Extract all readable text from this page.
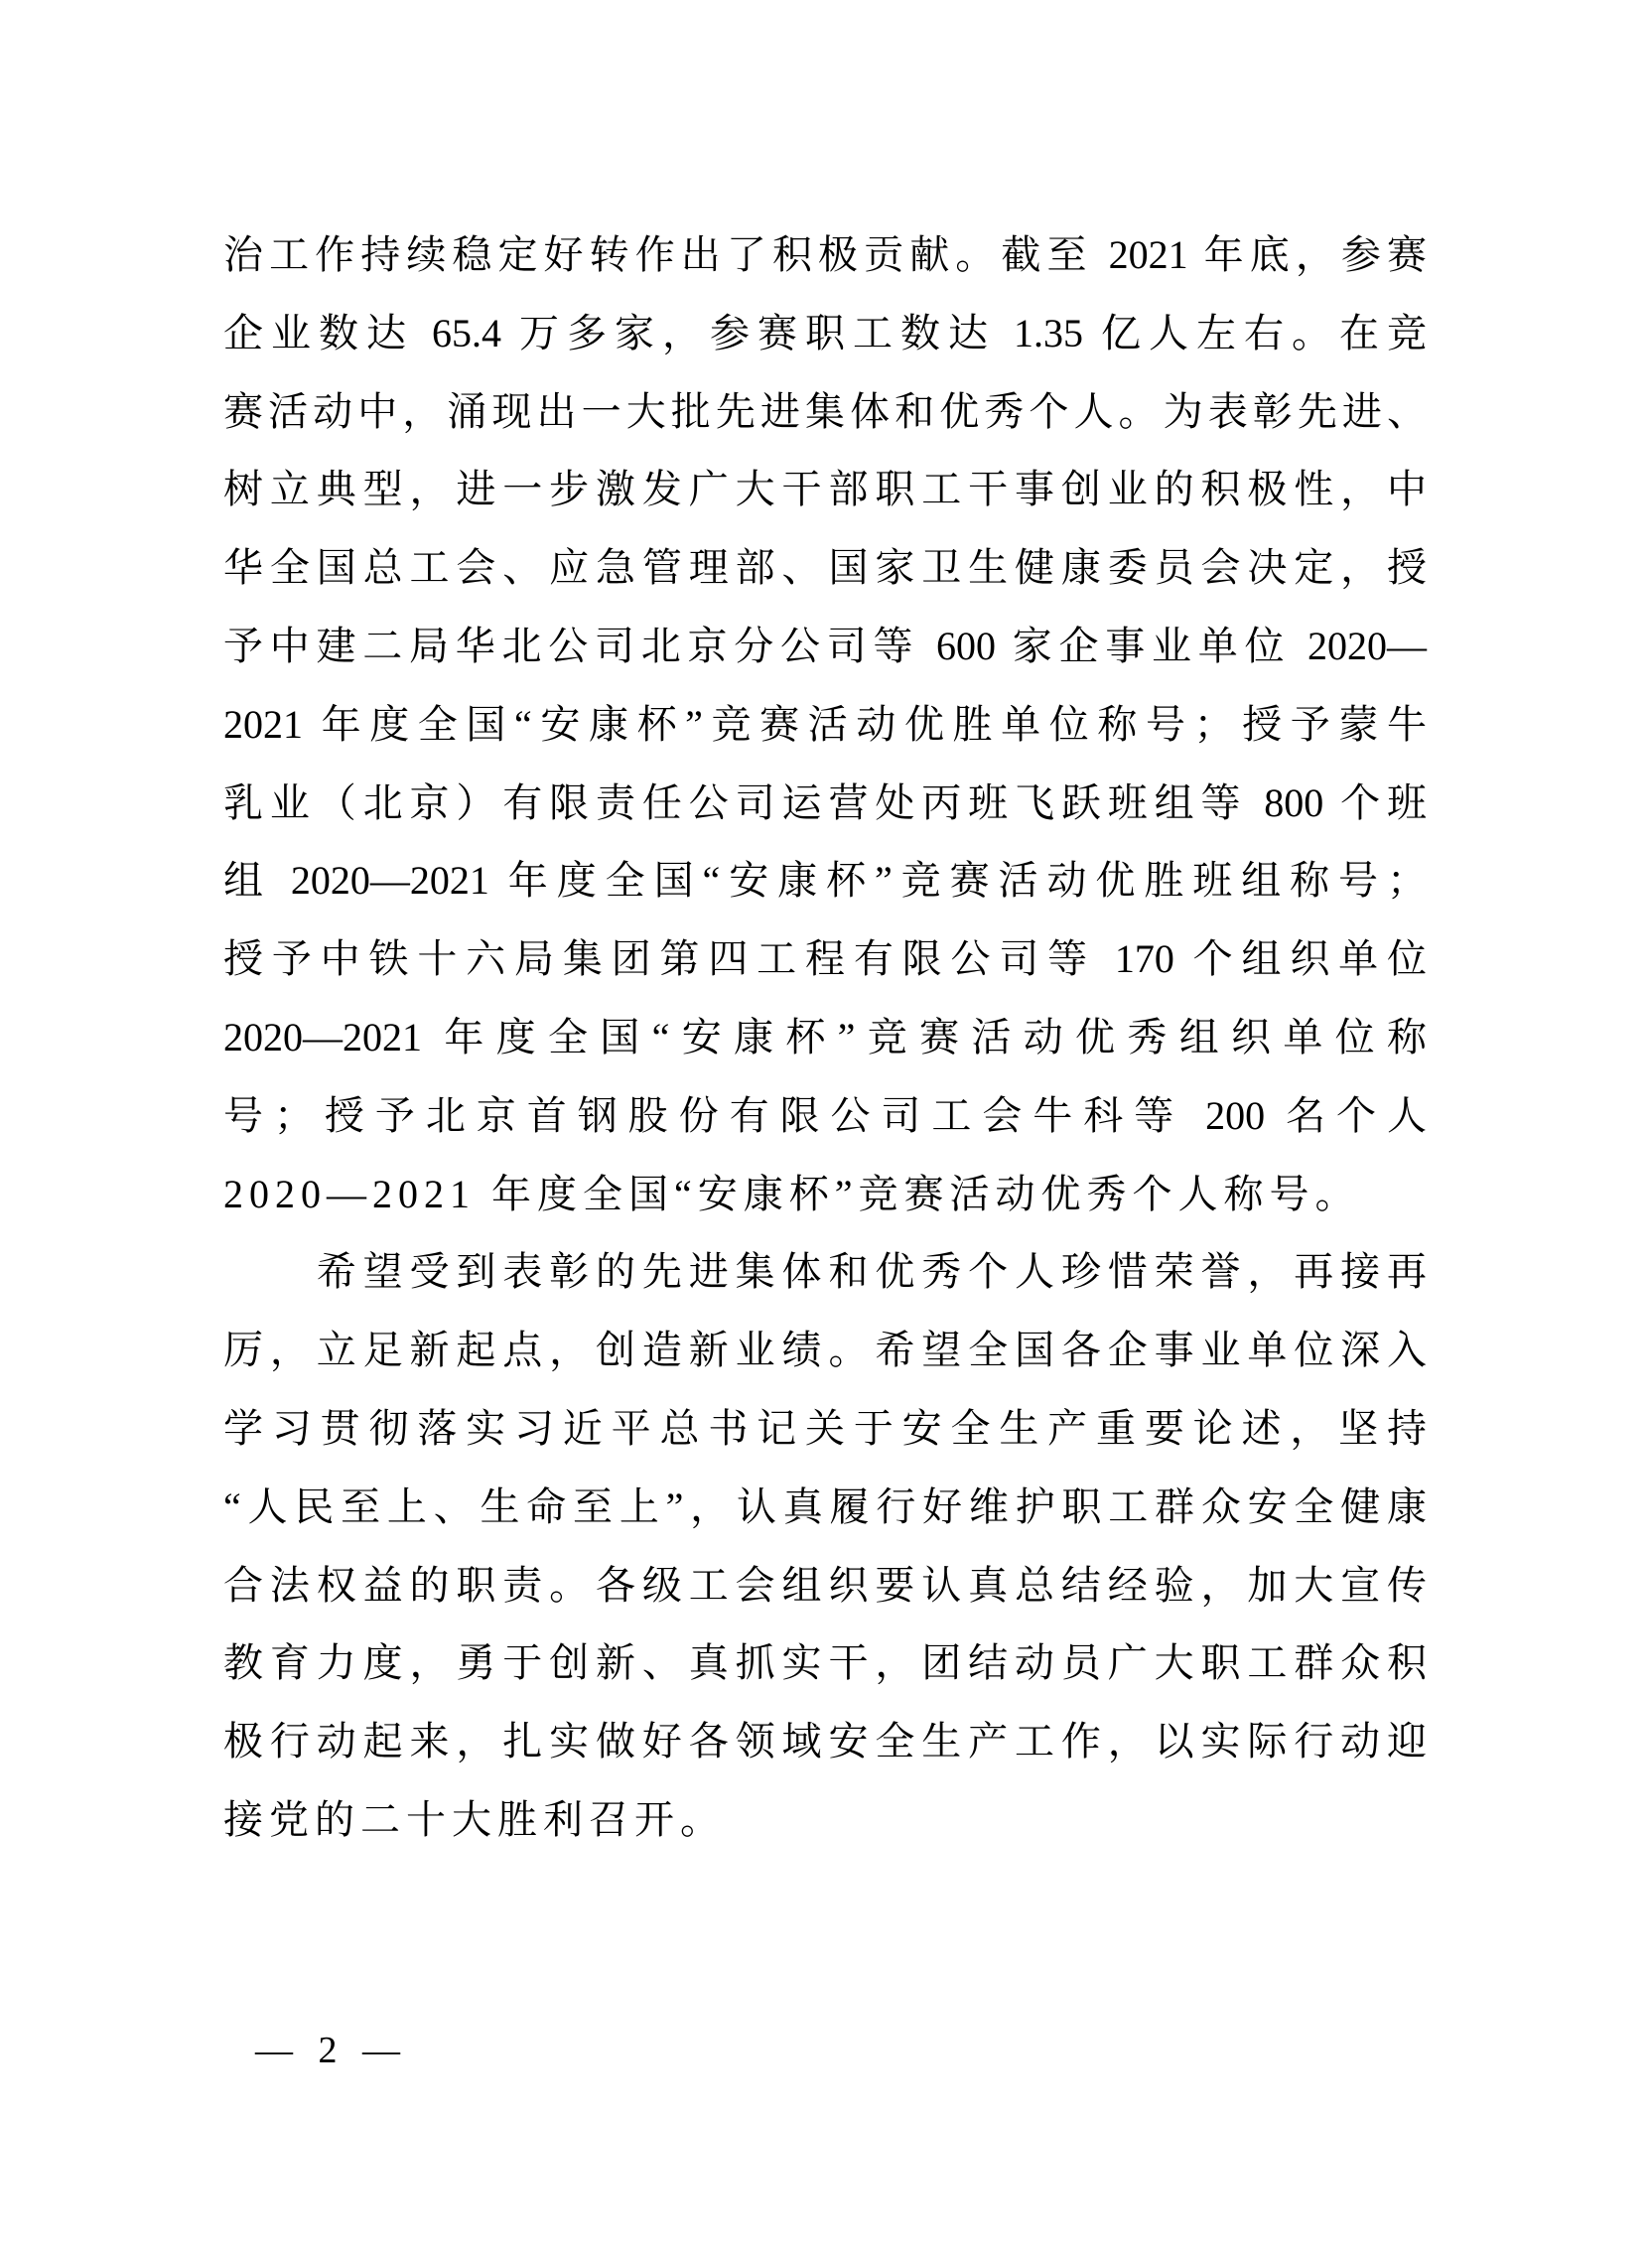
治工作持续稳定好转作出了积极贡献。截至 2021 年底，参赛
企业数达 65.4 万多家，参赛职工数达 1.35 亿人左右。在竞
赛活动中，涌现出一大批先进集体和优秀个人。为表彰先进、
树立典型，进一步激发广大干部职工干事创业的积极性，中
华全国总工会、应急管理部、国家卫生健康委员会决定，授
予中建二局华北公司北京分公司等 600 家企事业单位 2020—
2021 年度全国“安康杯”竞赛活动优胜单位称号；授予蒙牛
乳业（北京）有限责任公司运营处丙班飞跃班组等 800 个班
组 2020—2021 年度全国“安康杯”竞赛活动优胜班组称号；
授予中铁十六局集团第四工程有限公司等 170 个组织单位
2020—2021 年度全国“安康杯”竞赛活动优秀组织单位称
号；授予北京首钢股份有限公司工会牛科等 200 名个人
2020—2021 年度全国“安康杯”竞赛活动优秀个人称号。
　　希望受到表彰的先进集体和优秀个人珍惜荣誉，再接再
厉，立足新起点，创造新业绩。希望全国各企事业单位深入
学习贯彻落实习近平总书记关于安全生产重要论述，坚持
“人民至上、生命至上”，认真履行好维护职工群众安全健康
合法权益的职责。各级工会组织要认真总结经验，加大宣传
教育力度，勇于创新、真抓实干，团结动员广大职工群众积
极行动起来，扎实做好各领域安全生产工作，以实际行动迎
接党的二十大胜利召开。
— 2 —
